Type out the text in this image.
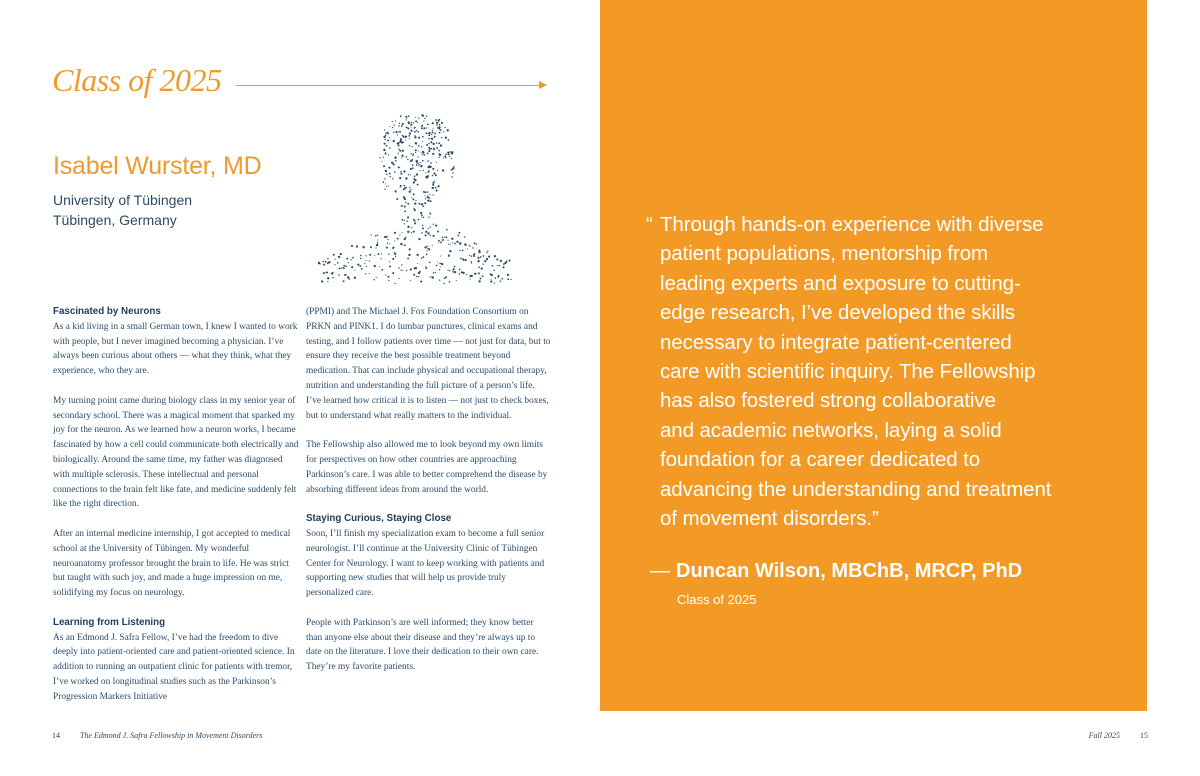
Class of 2025
Isabel Wurster, MD
University of Tübingen
Tübingen, Germany
Fascinated by Neurons

As a kid living in a small German town, I knew I wanted to work with people, but I never imagined becoming a physician. I’ve always been curious about others — what they think, what they experience, who they are.

My turning point came during biology class in my senior year of secondary school. There was a magical moment that sparked my joy for the neuron. As we learned how a neuron works, I became fascinated by how a cell could communicate both electrically and biologically. Around the same time, my father was diagnosed with multiple sclerosis. These intellectual and personal connections to the brain felt like fate, and medicine suddenly felt like the right direction.

After an internal medicine internship, I got accepted to medical school at the University of Tübingen. My wonderful neuroanatomy professor brought the brain to life. He was strict but taught with such joy, and made a huge impression on me, solidifying my focus on neurology.

Learning from Listening

As an Edmond J. Safra Fellow, I’ve had the freedom to dive deeply into patient-oriented care and patient-oriented science. In addition to running an outpatient clinic for patients with tremor, I’ve worked on longitudinal studies such as the Parkinson’s Progression Markers Initiative

(PPMI) and The Michael J. Fox Foundation Consortium on PRKN and PINK1. I do lumbar punctures, clinical exams and testing, and I follow patients over time — not just for data, but to ensure they receive the best possible treatment beyond medication. That can include physical and occupational therapy, nutrition and understanding the full picture of a person’s life. I’ve learned how critical it is to listen — not just to check boxes, but to understand what really matters to the individual.

The Fellowship also allowed me to look beyond my own limits for perspectives on how other countries are approaching Parkinson’s care. I was able to better comprehend the disease by absorbing different ideas from around the world.

Staying Curious, Staying Close

Soon, I’ll finish my specialization exam to become a full senior neurologist. I’ll continue at the University Clinic of Tübingen Center for Neurology. I want to keep working with patients and supporting new studies that will help us provide truly personalized care.

People with Parkinson’s are well informed; they know better than anyone else about their disease and they’re always up to date on the literature. I love their dedication to their own care. They’re my favorite patients.

14	The Edmond J. Safra Fellowship in Movement Disorders
“ Through hands-on experience with diverse
patient populations, mentorship from
leading experts and exposure to cutting-
edge research, I’ve developed the skills
necessary to integrate patient-centered
care with scientific inquiry. The Fellowship
has also fostered strong collaborative
and academic networks, laying a solid
foundation for a career dedicated to
advancing the understanding and treatment
of movement disorders.”
— Duncan Wilson, MBChB, MRCP, PhD
Class of 2025
Fall 2025	15
